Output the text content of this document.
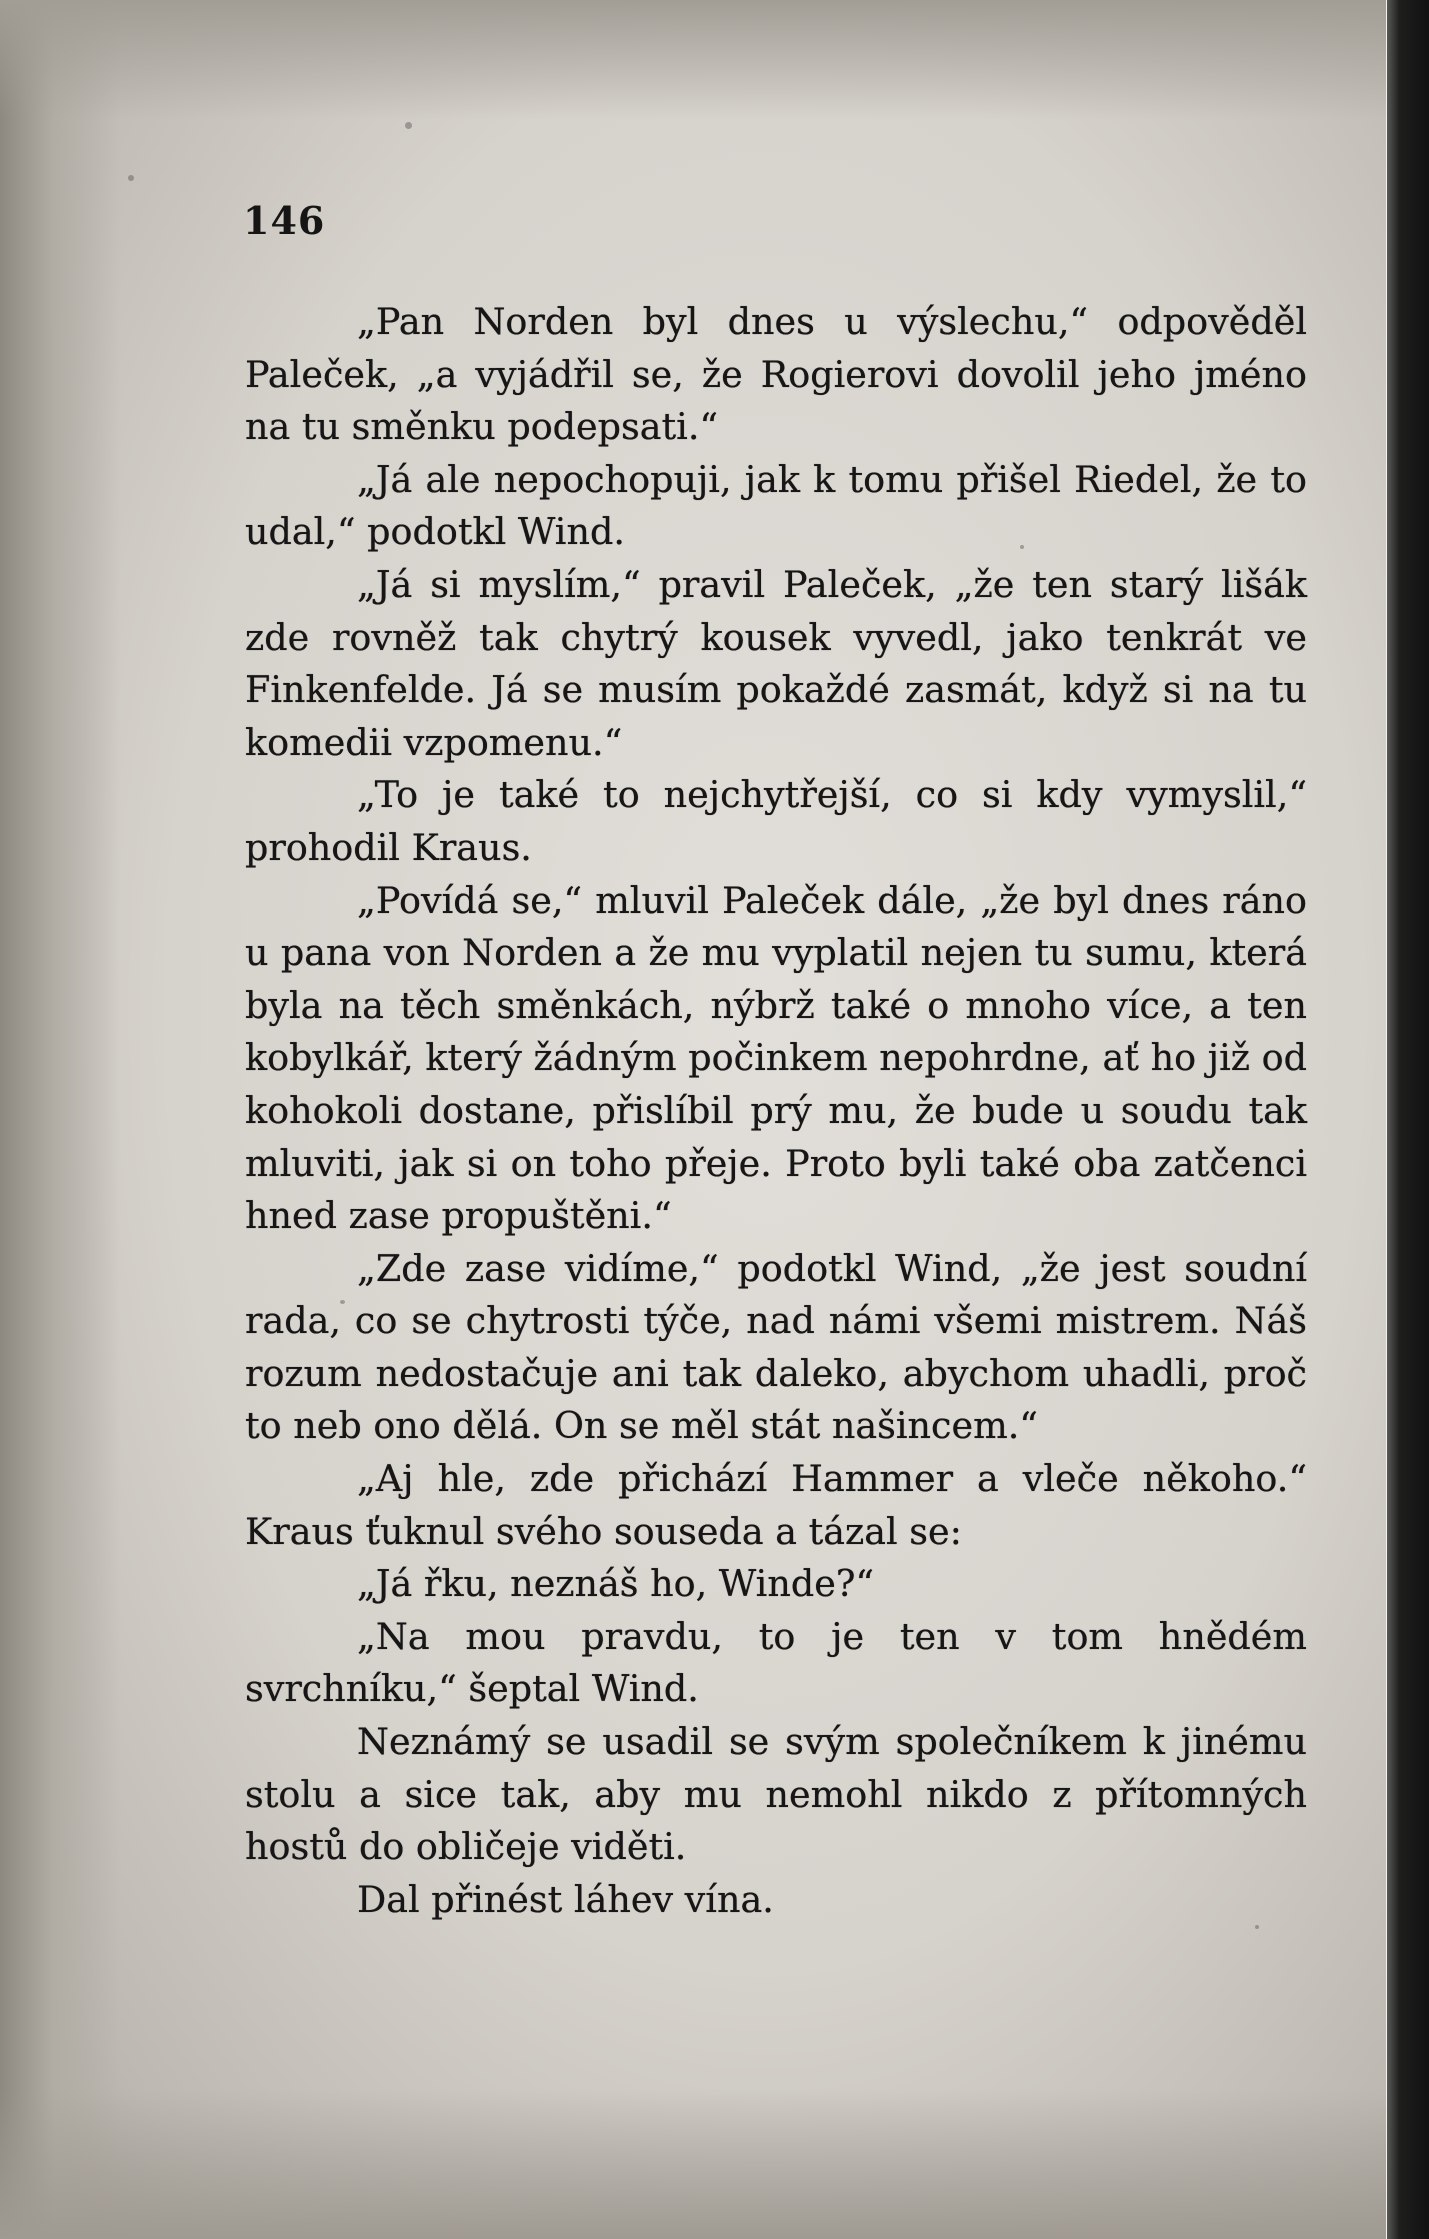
146

„Pan Norden byl dnes u výslechu,“ odpověděl Paleček, „a vyjádřil se, že Rogierovi dovolil jeho jméno na tu směnku podepsati.“

„Já ale nepochopuji, jak k tomu přišel Riedel, že to udal,“ podotkl Wind.

„Já si myslím,“ pravil Paleček, „že ten starý lišák zde rovněž tak chytrý kousek vyvedl, jako tenkrát ve Finkenfelde. Já se musím pokaždé zasmát, když si na tu komedii vzpomenu.“

„To je také to nejchytřejší, co si kdy vymyslil,“ prohodil Kraus.

„Povídá se,“ mluvil Paleček dále, „že byl dnes ráno u pana von Norden a že mu vyplatil nejen tu sumu, která byla na těch směnkách, nýbrž také o mnoho více, a ten kobylkář, který žádným počinkem nepohrdne, ať ho již od kohokoli dostane, přislíbil prý mu, že bude u soudu tak mluviti, jak si on toho přeje. Proto byli také oba zatčenci hned zase propuštěni.“

„Zde zase vidíme,“ podotkl Wind, „že jest soudní rada, co se chytrosti týče, nad námi všemi mistrem. Náš rozum nedostačuje ani tak daleko, abychom uhadli, proč to neb ono dělá. On se měl stát našincem.“

„Aj hle, zde přichází Hammer a vleče někoho.“ Kraus ťuknul svého souseda a tázal se:

„Já řku, neznáš ho, Winde?“

„Na mou pravdu, to je ten v tom hnědém svrchníku,“ šeptal Wind.

Neznámý se usadil se svým společníkem k jinému stolu a sice tak, aby mu nemohl nikdo z přítomných hostů do obličeje viděti.

Dal přinést láhev vína.
